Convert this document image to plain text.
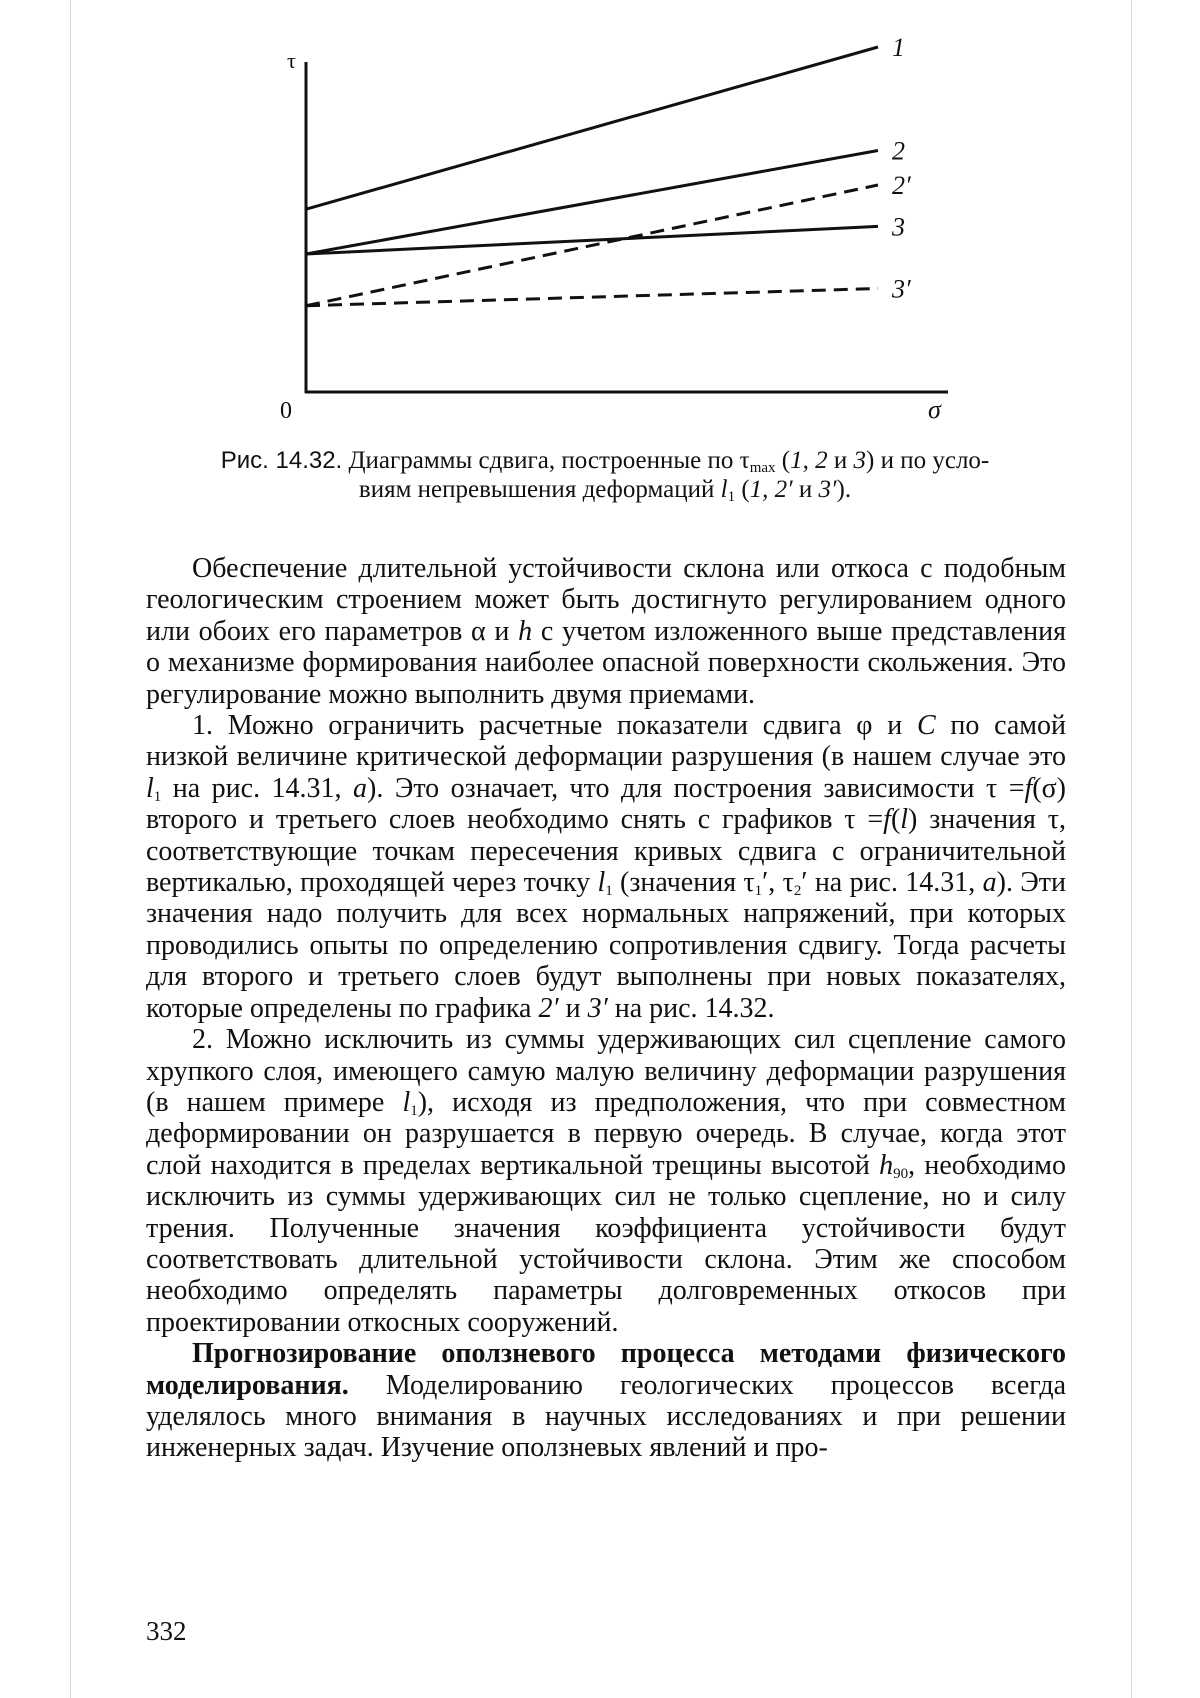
τ
σ
0
1
2
2′
3
3′
Рис. 14.32. Диаграммы сдвига, построенные по $\tau_{max}$ (1, 2 и 3) и по усло-
виям непревышения деформаций $l_1$ (1, 2′ и 3′).

Обеспечение длительной устойчивости склона или откоса с подобным геологическим строением может быть достигнуто регулированием одного или обоих его параметров α и h с учетом изложенного выше представления о механизме формирования наиболее опасной поверхности скольжения. Это регулирование можно выполнить двумя приемами.

1. Можно ограничить расчетные показатели сдвига φ и C по самой низкой величине критической деформации разрушения (в нашем случае это $l_1$ на рис. 14.31, a). Это означает, что для построения зависимости τ =f(σ) второго и третьего слоев необходимо снять с графиков τ =f(l) значения τ, соответствующие точкам пересечения кривых сдвига с ограничительной вертикалью, проходящей через точку $l_1$ (значения $\tau_1'$, $\tau_2'$ на рис. 14.31, a). Эти значения надо получить для всех нормальных напряжений, при которых проводились опыты по определению сопротивления сдвигу. Тогда расчеты для второго и третьего слоев будут выполнены при новых показателях, которые определены по графика 2′ и 3′ на рис. 14.32.

2. Можно исключить из суммы удерживающих сил сцепление самого хрупкого слоя, имеющего самую малую величину деформации разрушения (в нашем примере $l_1$), исходя из предположения, что при совместном деформировании он разрушается в первую очередь. В случае, когда этот слой находится в пределах вертикальной трещины высотой $h_{90}$, необходимо исключить из суммы удерживающих сил не только сцепление, но и силу трения. Полученные значения коэффициента устойчивости будут соответствовать длительной устойчивости склона. Этим же способом необходимо определять параметры долговременных откосов при проектировании откосных сооружений.

Прогнозирование оползневого процесса методами физического моделирования. Моделированию геологических процессов всегда уделялось много внимания в научных исследованиях и при решении инженерных задач. Изучение оползневых явлений и про-

332
